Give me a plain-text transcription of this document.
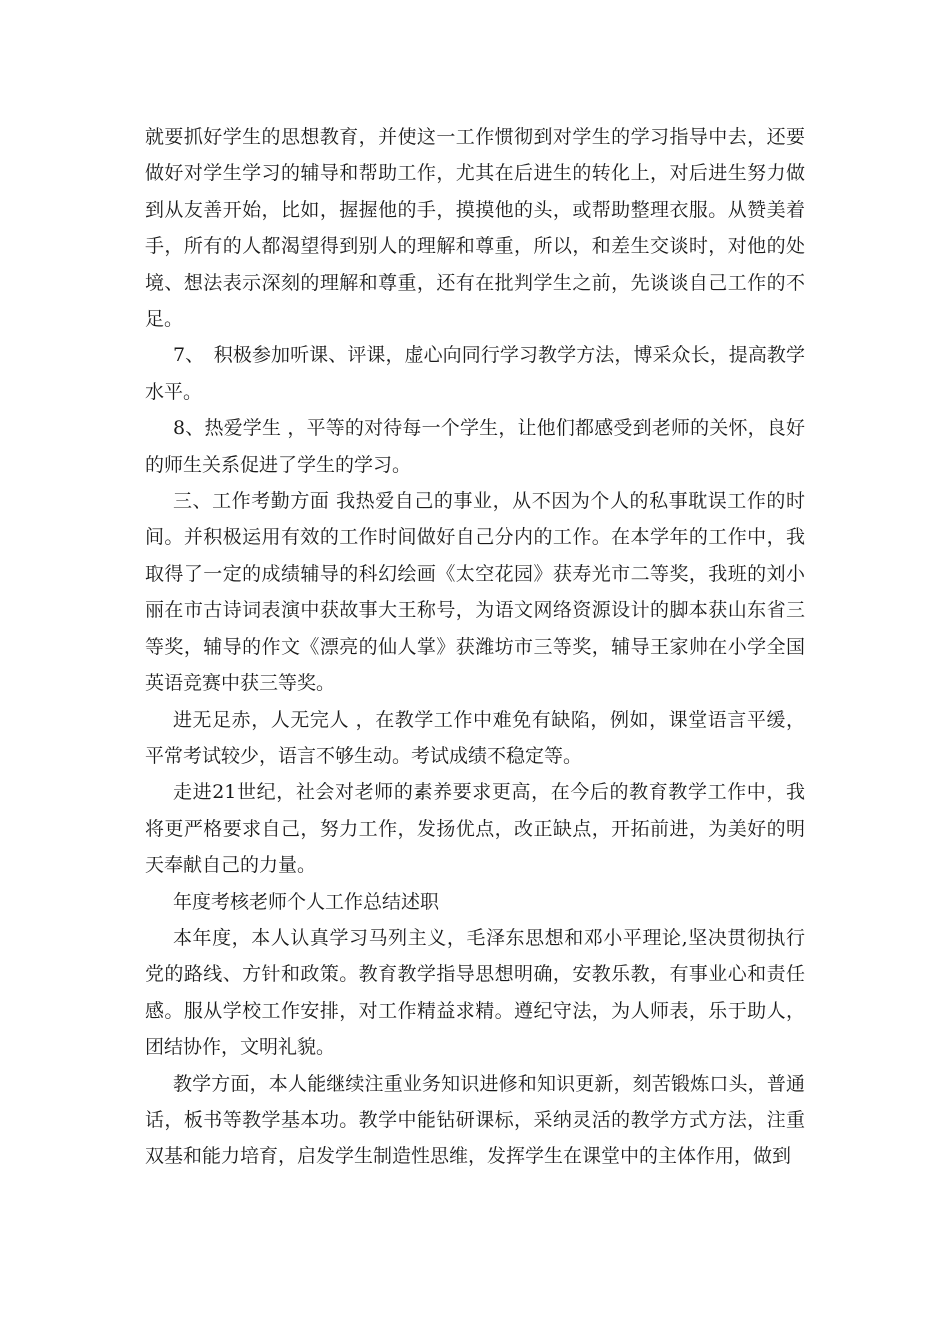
就要抓好学生的思想教育，并使这一工作惯彻到对学生的学习指导中去，还要做好对学生学习的辅导和帮助工作，尤其在后进生的转化上，对后进生努力做到从友善开始，比如，握握他的手，摸摸他的头，或帮助整理衣服。从赞美着手，所有的人都渴望得到别人的理解和尊重，所以，和差生交谈时，对他的处境、想法表示深刻的理解和尊重，还有在批判学生之前，先谈谈自己工作的不足。

7、　积极参加听课、评课，虚心向同行学习教学方法，博采众长，提高教学水平。

8、热爱学生 ，平等的对待每一个学生，让他们都感受到老师的关怀，良好的师生关系促进了学生的学习。

三、工作考勤方面 我热爱自己的事业，从不因为个人的私事耽误工作的时间。并积极运用有效的工作时间做好自己分内的工作。在本学年的工作中，我取得了一定的成绩辅导的科幻绘画《太空花园》获寿光市二等奖，我班的刘小丽在市古诗词表演中获故事大王称号，为语文网络资源设计的脚本获山东省三等奖，辅导的作文《漂亮的仙人掌》获潍坊市三等奖，辅导王家帅在小学全国英语竞赛中获三等奖。

进无足赤，人无完人 ，在教学工作中难免有缺陷，例如，课堂语言平缓，平常考试较少，语言不够生动。考试成绩不稳定等。

走进21世纪，社会对老师的素养要求更高，在今后的教育教学工作中，我将更严格要求自己，努力工作，发扬优点，改正缺点，开拓前进，为美好的明天奉献自己的力量。

年度考核老师个人工作总结述职

本年度，本人认真学习马列主义，毛泽东思想和邓小平理论,坚决贯彻执行党的路线、方针和政策。教育教学指导思想明确，安教乐教，有事业心和责任感。服从学校工作安排，对工作精益求精。遵纪守法，为人师表，乐于助人，团结协作，文明礼貌。

教学方面，本人能继续注重业务知识进修和知识更新，刻苦锻炼口头，普通话，板书等教学基本功。教学中能钻研课标，采纳灵活的教学方式方法，注重双基和能力培育，启发学生制造性思维，发挥学生在课堂中的主体作用，做到
